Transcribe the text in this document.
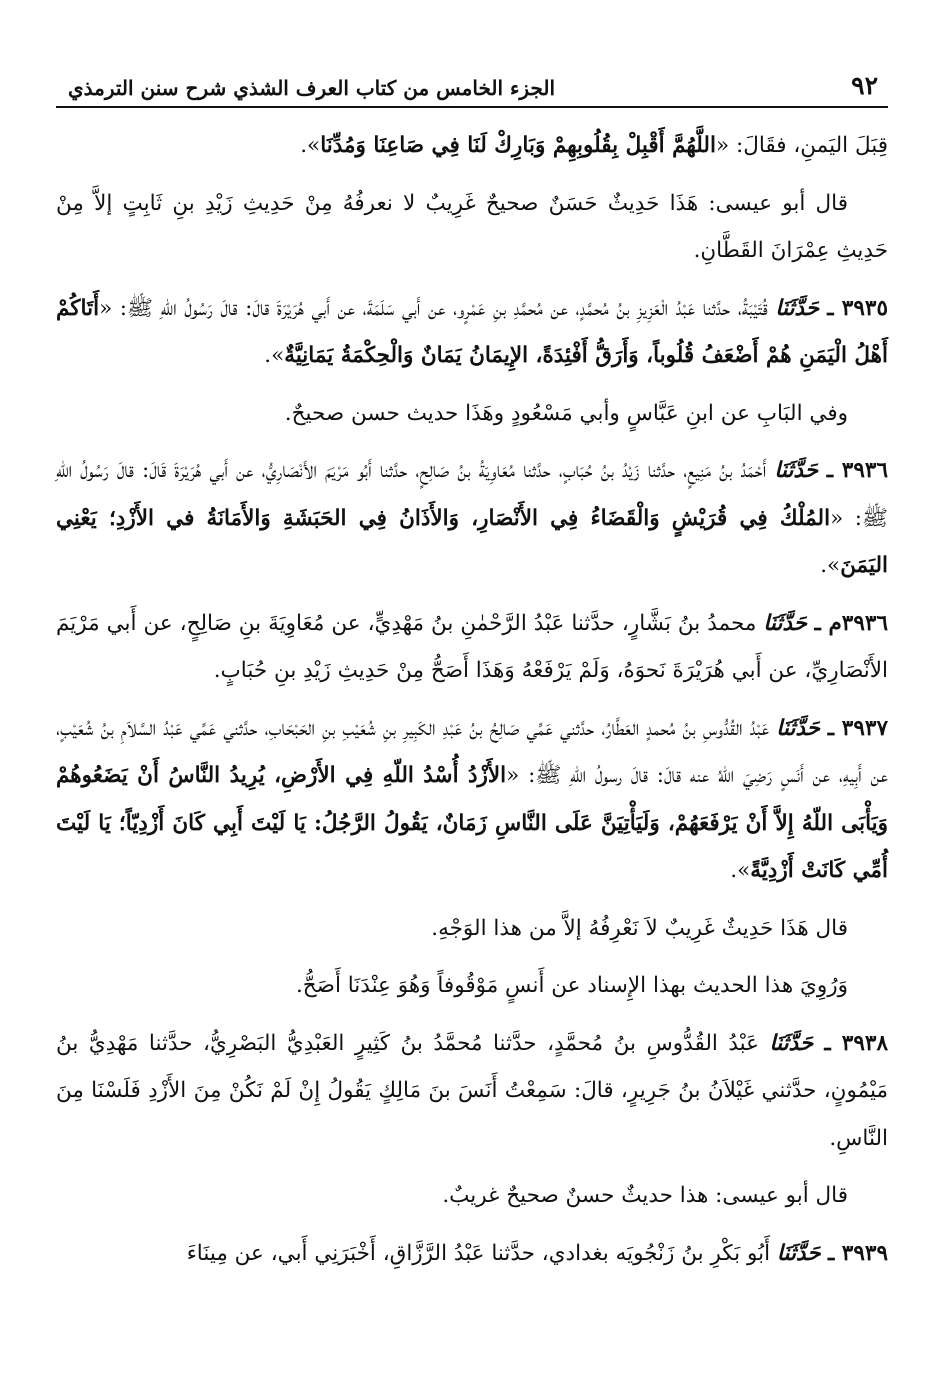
٩٢
الجزء الخامس من كتاب العرف الشذي شرح سنن الترمذي

قِبَلَ اليَمنِ، فقَالَ: «اللَّهُمَّ أَقْبِلْ بِقُلُوبِهِمْ وَبَارِكْ لَنَا فِي صَاعِنَا وَمُدِّنَا».

قال أبو عيسى: هَذَا حَدِيثٌ حَسَنٌ صحيحٌ غَرِيبٌ لا نعرفُهُ مِنْ حَدِيثِ زَيْدِ بنِ ثَابِتٍ إلاَّ مِنْ حَدِيثِ عِمْرَانَ القَطَّانِ.

٣٩٣٥ ـ حَدَّثَنَا قُتَيْبَةُ، حدَّثنا عَبْدُ الْعَزِيزِ بنُ مُحمَّدٍ، عن مُحمَّدِ بنِ عَمْرٍو، عن أَبي سَلَمَةَ، عن أَبي هُرَيْرَةَ قالَ: قالَ رَسُولُ اللّهِ ﷺ: «أَتَاكُمْ أَهْلُ الْيَمَنِ هُمْ أَضْعَفُ قُلُوباً، وَأَرَقُّ أَفْئِدَةً، الإِيمَانُ يَمَانٌ وَالْحِكْمَةُ يَمَانِيَّةٌ».

وفي البَابِ عن ابنِ عَبَّاسٍ وأبي مَسْعُودٍ وهَذَا حديث حسن صحيحٌ.

٣٩٣٦ ـ حَدَّثَنَا أَحْمَدُ بنُ مَنِيعٍ، حدَّثنا زَيْدُ بنُ حُبَابٍ، حدَّثنا مُعَاوِيَةُ بنُ صَالِحٍ، حدَّثنا أَبُو مَرْيَمَ الأَنْصَارِيُّ، عن أَبي هُرَيْرَةَ قَالَ: قالَ رَسُولُ اللّهِ ﷺ: «المُلْكُ فِي قُرَيْشٍ وَالْقَضَاءُ فِي الأَنْصَارِ، وَالأَذَانُ فِي الحَبَشَةِ وَالأَمَانَةُ في الأَزْدِ؛ يَعْنِي اليَمَنَ».

٣٩٣٦م ـ حَدَّثَنَا محمدُ بنُ بَشَّارٍ، حدَّثنا عَبْدُ الرَّحْمٰنِ بنُ مَهْدِيٍّ، عن مُعَاوِيَةَ بنِ صَالِحٍ، عن أَبي مَرْيَمَ الأَنْصَارِيِّ، عن أَبي هُرَيْرَةَ نَحوَهُ، وَلَمْ يَرْفَعْهُ وَهَذَا أَصَحُّ مِنْ حَدِيثِ زَيْدِ بنِ حُبَابٍ.

٣٩٣٧ ـ حَدَّثَنَا عَبْدُ القُدُّوسِ بنُ مُحمدٍ العَطَّارُ، حدَّثني عَمِّي صَالِحُ بنُ عَبْدِ الكَبِيرِ بنِ شُعَيْبِ بنِ الحَبْحَابِ، حدَّثني عَمِّي عَبْدُ السَّلاَمِ بنُ شُعَيْبٍ، عن أَبِيهِ، عن أَنَسٍ رَضِيَ اللهُ عنه قالَ: قالَ رسولُ اللّهِ ﷺ: «الأَزْدُ أُسْدُ اللّهِ فِي الأَرْضِ، يُرِيدُ النَّاسُ أَنْ يَضَعُوهُمْ وَيَأْبَى اللّهُ إِلاَّ أَنْ يَرْفَعَهُمْ، وَلَيَأْتِيَنَّ عَلَى النَّاسِ زَمَانٌ، يَقُولُ الرَّجُلُ: يَا لَيْتَ أَبِي كَانَ أَزْدِيّاً؛ يَا لَيْتَ أُمِّي كَانَتْ أَزْدِيَّةً».

قال هَذَا حَدِيثٌ غَرِيبٌ لاَ نَعْرِفُهُ إلاَّ من هذا الوَجْهِ.

وَرُوِيَ هذا الحديث بهذا الإِسناد عن أَنسٍ مَوْقُوفاً وَهُوَ عِنْدَنَا أَصَحُّ.

٣٩٣٨ ـ حَدَّثَنَا عَبْدُ القُدُّوسِ بنُ مُحمَّدٍ، حدَّثنا مُحمَّدُ بنُ كَثِيرٍ العَبْدِيُّ البَصْرِيُّ، حدَّثنا مَهْدِيُّ بنُ مَيْمُونٍ، حدَّثني غَيْلاَنُ بنُ جَرِيرٍ، قالَ: سَمِعْتُ أَنَسَ بنَ مَالِكٍ يَقُولُ إِنْ لَمْ نَكُنْ مِنَ الأَزْدِ فَلَسْنَا مِنَ النَّاسِ.

قال أبو عيسى: هذا حديثٌ حسنٌ صحيحٌ غريبٌ.

٣٩٣٩ ـ حَدَّثَنَا أَبُو بَكْرِ بنُ زَنْجُويَه بغدادي، حدَّثنا عَبْدُ الرَّزَّاقِ، أَخْبَرَنِي أَبي، عن مِينَاءَ
